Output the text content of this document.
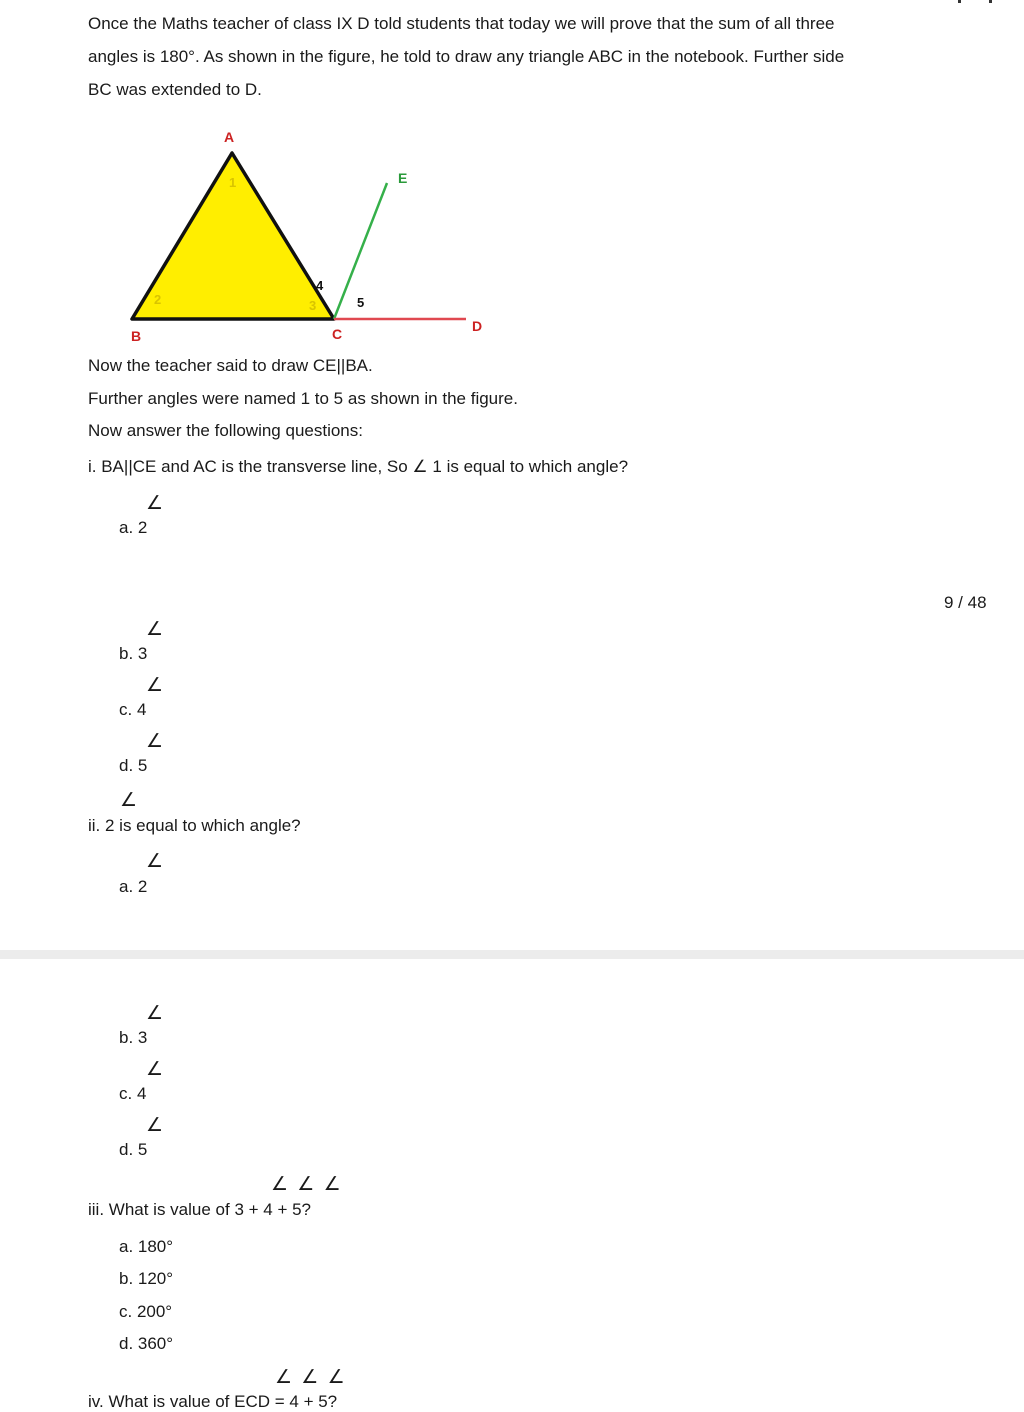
Once the Maths teacher of class IX D told students that today we will prove that the sum of all three
angles is 180°. As shown in the figure, he told to draw any triangle ABC in the notebook. Further side
BC was extended to D.
A
B	C	D
E
1
2	3
4
5
Now the teacher said to draw CE||BA.
Further angles were named 1 to 5 as shown in the figure.
Now answer the following questions:
i. BA||CE and AC is the transverse line, So ∠ 1 is equal to which angle?
∠
a. 2
9 / 48
∠
b. 3
∠
c. 4
∠
d. 5
∠
ii. 2 is equal to which angle?
∠
a. 2
∠
b. 3
∠
c. 4
∠
d. 5
∠ ∠ ∠
iii. What is value of 3 + 4 + 5?
a. 180°
b. 120°
c. 200°
d. 360°
∠ ∠ ∠
iv. What is value of ECD = 4 + 5?
